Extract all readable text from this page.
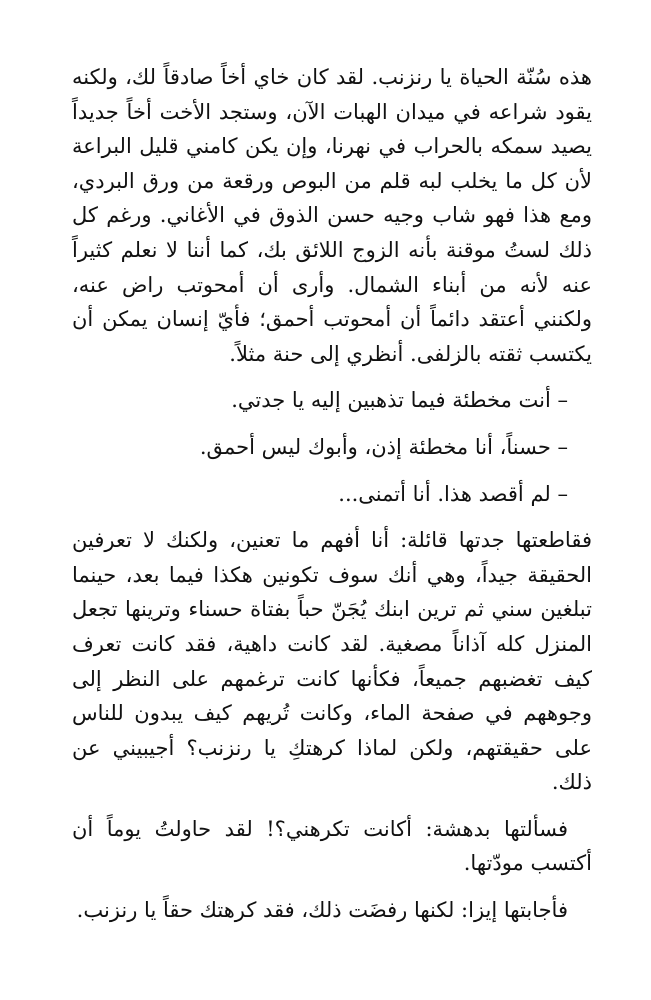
هذه سُنّة الحياة يا رنزنب. لقد كان خاي أخاً صادقاً لك، ولكنه يقود شراعه في ميدان الهبات الآن، وستجد الأخت أخاً جديداً يصيد سمكه بالحراب في نهرنا، وإن يكن كامني قليل البراعة لأن كل ما يخلب لبه قلم من البوص ورقعة من ورق البردي، ومع هذا فهو شاب وجيه حسن الذوق في الأغاني. ورغم كل ذلك لستُ موقنة بأنه الزوج اللائق بك، كما أننا لا نعلم كثيراً عنه لأنه من أبناء الشمال. وأرى أن أمحوتب راض عنه، ولكنني أعتقد دائماً أن أمحوتب أحمق؛ فأيّ إنسان يمكن أن يكتسب ثقته بالزلفى. أنظري إلى حنة مثلاً.

– أنت مخطئة فيما تذهبين إليه يا جدتي.

– حسناً، أنا مخطئة إذن، وأبوك ليس أحمق.

– لم أقصد هذا. أنا أتمنى...

فقاطعتها جدتها قائلة: أنا أفهم ما تعنين، ولكنك لا تعرفين الحقيقة جيداً، وهي أنك سوف تكونين هكذا فيما بعد، حينما تبلغين سني ثم ترين ابنك يُجَنّ حباً بفتاة حسناء وترينها تجعل المنزل كله آذاناً مصغية. لقد كانت داهية، فقد كانت تعرف كيف تغضبهم جميعاً، فكأنها كانت ترغمهم على النظر إلى وجوههم في صفحة الماء، وكانت تُريهم كيف يبدون للناس على حقيقتهم، ولكن لماذا كرهتكِ يا رنزنب؟ أجيبيني عن ذلك.

فسألتها بدهشة: أكانت تكرهني؟! لقد حاولتُ يوماً أن أكتسب مودّتها.

فأجابتها إيزا: لكنها رفضَت ذلك، فقد كرهتك حقاً يا رنزنب.
